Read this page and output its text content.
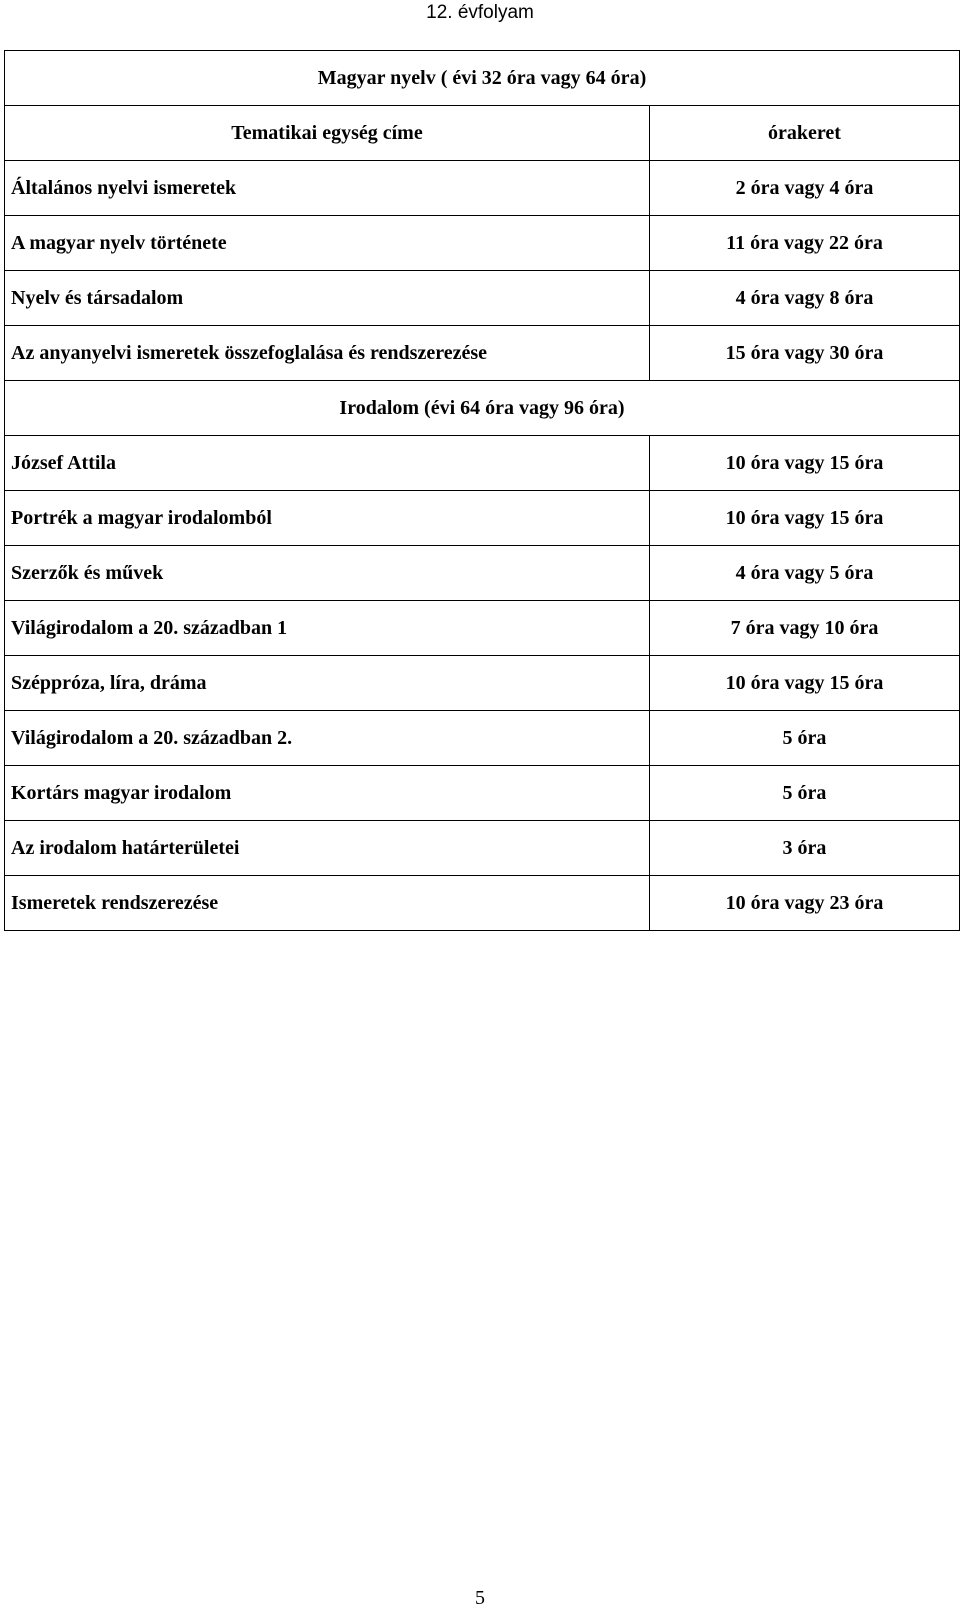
12. évfolyam
Magyar nyelv ( évi 32 óra vagy 64 óra)	
Tematikai egység címe	órakeret
Általános nyelvi ismeretek	2 óra vagy 4 óra
A magyar nyelv története	11 óra vagy 22 óra
Nyelv és társadalom	4 óra vagy 8 óra
Az anyanyelvi ismeretek összefoglalása és rendszerezése	15 óra vagy 30 óra
Irodalom (évi 64 óra vagy 96 óra)	
József Attila	10 óra vagy 15 óra
Portrék a magyar irodalomból	10 óra vagy 15 óra
Szerzők és művek	4 óra vagy 5 óra
Világirodalom a 20. században 1	7 óra vagy 10 óra
Széppróza, líra, dráma	10 óra vagy 15 óra
Világirodalom a 20. században 2.	5 óra
Kortárs magyar irodalom	5 óra
Az irodalom határterületei	3 óra
Ismeretek rendszerezése	10 óra vagy 23 óra
5
